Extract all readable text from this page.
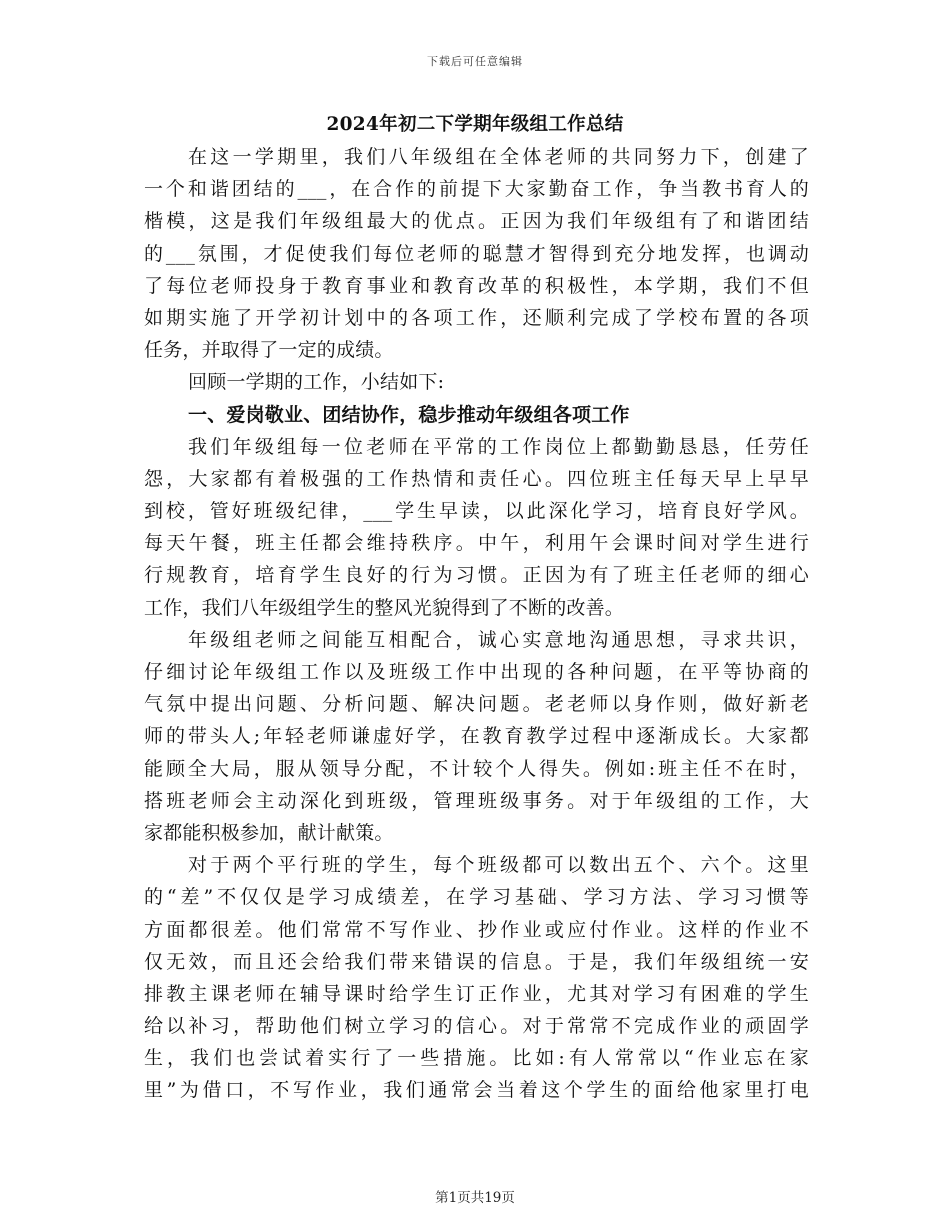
下载后可任意编辑
2024年初二下学期年级组工作总结
在这一学期里，我们八年级组在全体老师的共同努力下，创建了
一个和谐团结的___，在合作的前提下大家勤奋工作，争当教书育人的
楷模，这是我们年级组最大的优点。正因为我们年级组有了和谐团结
的___氛围，才促使我们每位老师的聪慧才智得到充分地发挥，也调动
了每位老师投身于教育事业和教育改革的积极性，本学期，我们不但
如期实施了开学初计划中的各项工作，还顺利完成了学校布置的各项
任务，并取得了一定的成绩。
回顾一学期的工作，小结如下:
一、爱岗敬业、团结协作，稳步推动年级组各项工作
我们年级组每一位老师在平常的工作岗位上都勤勤恳恳，任劳任
怨，大家都有着极强的工作热情和责任心。四位班主任每天早上早早
到校，管好班级纪律，___学生早读，以此深化学习，培育良好学风。
每天午餐，班主任都会维持秩序。中午，利用午会课时间对学生进行
行规教育，培育学生良好的行为习惯。正因为有了班主任老师的细心
工作，我们八年级组学生的整风光貌得到了不断的改善。
年级组老师之间能互相配合，诚心实意地沟通思想，寻求共识，
仔细讨论年级组工作以及班级工作中出现的各种问题，在平等协商的
气氛中提出问题、分析问题、解决问题。老老师以身作则，做好新老
师的带头人;年轻老师谦虚好学，在教育教学过程中逐渐成长。大家都
能顾全大局，服从领导分配，不计较个人得失。例如:班主任不在时，
搭班老师会主动深化到班级，管理班级事务。对于年级组的工作，大
家都能积极参加，献计献策。
对于两个平行班的学生，每个班级都可以数出五个、六个。这里
的“差”不仅仅是学习成绩差，在学习基础、学习方法、学习习惯等
方面都很差。他们常常不写作业、抄作业或应付作业。这样的作业不
仅无效，而且还会给我们带来错误的信息。于是，我们年级组统一安
排教主课老师在辅导课时给学生订正作业，尤其对学习有困难的学生
给以补习，帮助他们树立学习的信心。对于常常不完成作业的顽固学
生，我们也尝试着实行了一些措施。比如:有人常常以“作业忘在家
里”为借口，不写作业，我们通常会当着这个学生的面给他家里打电
第1页共19页
